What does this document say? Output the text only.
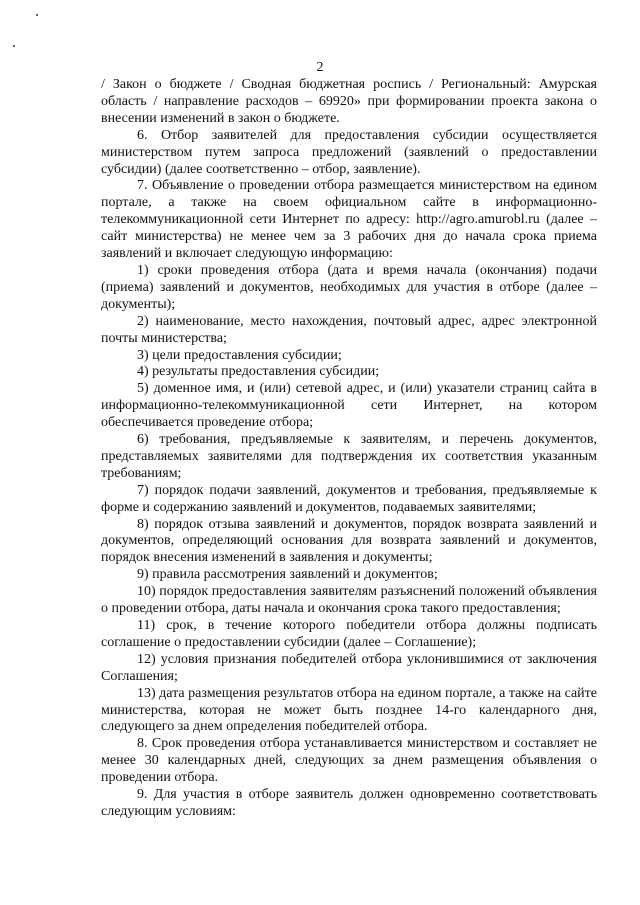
2

/ Закон о бюджете / Сводная бюджетная роспись / Региональный: Амурская область / направление расходов – 69920» при формировании проекта закона о внесении изменений в закон о бюджете.

6. Отбор заявителей для предоставления субсидии осуществляется министерством путем запроса предложений (заявлений о предоставлении субсидии) (далее соответственно – отбор, заявление).

7. Объявление о проведении отбора размещается министерством на едином портале, а также на своем официальном сайте в информационно-телекоммуникационной сети Интернет по адресу: http://agro.amurobl.ru (далее – сайт министерства) не менее чем за 3 рабочих дня до начала срока приема заявлений и включает следующую информацию:

1) сроки проведения отбора (дата и время начала (окончания) подачи (приема) заявлений и документов, необходимых для участия в отборе (далее – документы);

2) наименование, место нахождения, почтовый адрес, адрес электронной почты министерства;

3) цели предоставления субсидии;

4) результаты предоставления субсидии;

5) доменное имя, и (или) сетевой адрес, и (или) указатели страниц сайта в информационно-телекоммуникационной сети Интернет, на котором обеспечивается проведение отбора;

6) требования, предъявляемые к заявителям, и перечень документов, представляемых заявителями для подтверждения их соответствия указанным требованиям;

7) порядок подачи заявлений, документов и требования, предъявляемые к форме и содержанию заявлений и документов, подаваемых заявителями;

8) порядок отзыва заявлений и документов, порядок возврата заявлений и документов, определяющий основания для возврата заявлений и документов, порядок внесения изменений в заявления и документы;

9) правила рассмотрения заявлений и документов;

10) порядок предоставления заявителям разъяснений положений объявления о проведении отбора, даты начала и окончания срока такого предоставления;

11) срок, в течение которого победители отбора должны подписать соглашение о предоставлении субсидии (далее – Соглашение);

12) условия признания победителей отбора уклонившимися от заключения Соглашения;

13) дата размещения результатов отбора на едином портале, а также на сайте министерства, которая не может быть позднее 14-го календарного дня, следующего за днем определения победителей отбора.

8. Срок проведения отбора устанавливается министерством и составляет не менее 30 календарных дней, следующих за днем размещения объявления о проведении отбора.

9. Для участия в отборе заявитель должен одновременно соответствовать следующим условиям:
